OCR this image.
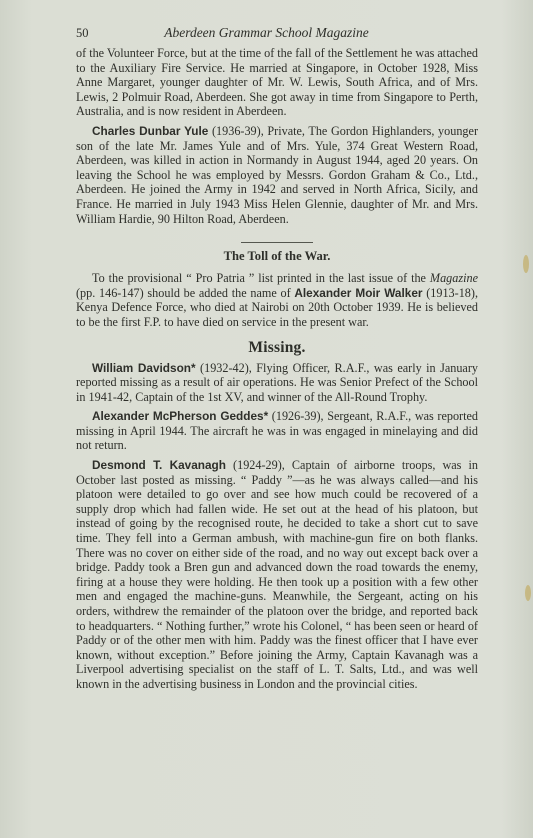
50	Aberdeen Grammar School Magazine

of the Volunteer Force, but at the time of the fall of the Settlement he was attached to the Auxiliary Fire Service. He married at Singapore, in October 1928, Miss Anne Margaret, younger daughter of Mr. W. Lewis, South Africa, and of Mrs. Lewis, 2 Polmuir Road, Aberdeen. She got away in time from Singapore to Perth, Australia, and is now resident in Aberdeen.

Charles Dunbar Yule (1936-39), Private, The Gordon Highlanders, younger son of the late Mr. James Yule and of Mrs. Yule, 374 Great Western Road, Aberdeen, was killed in action in Normandy in August 1944, aged 20 years. On leaving the School he was employed by Messrs. Gordon Graham & Co., Ltd., Aberdeen. He joined the Army in 1942 and served in North Africa, Sicily, and France. He married in July 1943 Miss Helen Glennie, daughter of Mr. and Mrs. William Hardie, 90 Hilton Road, Aberdeen.

The Toll of the War.

To the provisional “ Pro Patria ” list printed in the last issue of the Magazine (pp. 146-147) should be added the name of Alexander Moir Walker (1913-18), Kenya Defence Force, who died at Nairobi on 20th October 1939. He is believed to be the first F.P. to have died on service in the present war.

Missing.

William Davidson* (1932-42), Flying Officer, R.A.F., was early in January reported missing as a result of air operations. He was Senior Prefect of the School in 1941-42, Captain of the 1st XV, and winner of the All-Round Trophy.

Alexander McPherson Geddes* (1926-39), Sergeant, R.A.F., was reported missing in April 1944. The aircraft he was in was engaged in minelaying and did not return.

Desmond T. Kavanagh (1924-29), Captain of airborne troops, was in October last posted as missing. “ Paddy ”—as he was always called—and his platoon were detailed to go over and see how much could be recovered of a supply drop which had fallen wide. He set out at the head of his platoon, but instead of going by the recognised route, he decided to take a short cut to save time. They fell into a German ambush, with machine-gun fire on both flanks. There was no cover on either side of the road, and no way out except back over a bridge. Paddy took a Bren gun and advanced down the road towards the enemy, firing at a house they were holding. He then took up a position with a few other men and engaged the machine-guns. Meanwhile, the Sergeant, acting on his orders, withdrew the remainder of the platoon over the bridge, and reported back to headquarters. “ Nothing further,” wrote his Colonel, “ has been seen or heard of Paddy or of the other men with him. Paddy was the finest officer that I have ever known, without exception.” Before joining the Army, Captain Kavanagh was a Liverpool advertising specialist on the staff of L. T. Salts, Ltd., and was well known in the advertising business in London and the provincial cities.
